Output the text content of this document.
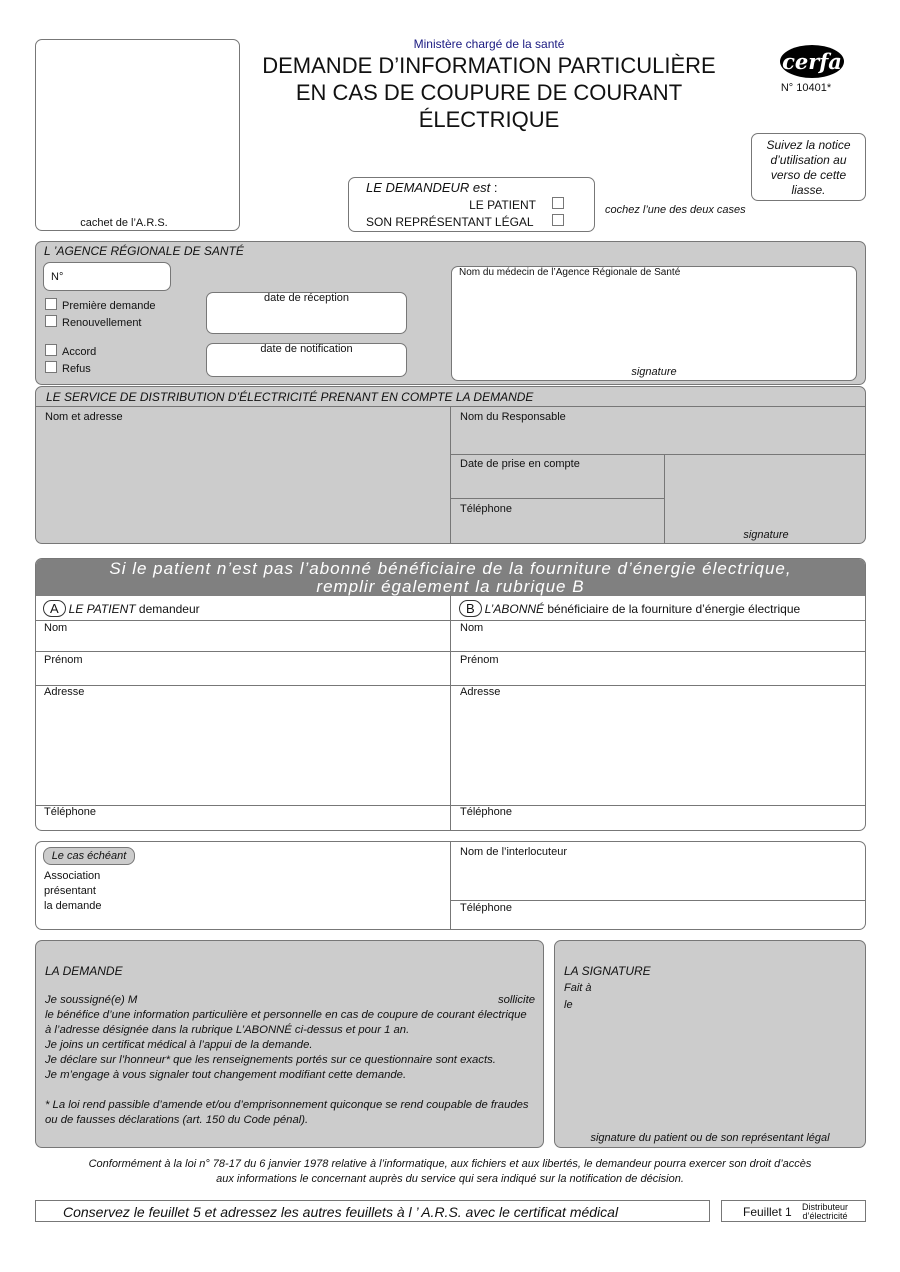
cachet de l’A.R.S.
Ministère chargé de la santé
DEMANDE D’INFORMATION PARTICULIÈRE
EN CAS DE COUPURE DE COURANT
ÉLECTRIQUE
cerfa
N° 10401*
Suivez la notice
d’utilisation au
verso de cette
liasse.
LE DEMANDEUR est :
LE PATIENT
SON REPRÉSENTANT LÉGAL
cochez l’une des deux cases
L ’AGENCE RÉGIONALE DE SANTÉ
N°
Première demande
Renouvellement
Accord
Refus
date de réception
date de notification
Nom du médecin de l’Agence Régionale de Santé
signature
LE SERVICE DE DISTRIBUTION D’ÉLECTRICITÉ PRENANT EN COMPTE LA DEMANDE
Nom et adresse	Nom du Responsable
Date de prise en compte
Téléphone
signature
Si le patient n’est pas l’abonné bénéficiaire de la fourniture d’énergie électrique,
remplir également la rubrique B
A LE PATIENT demandeur	B L’ABONNÉ bénéficiaire de la fourniture d’énergie électrique
Nom
Prénom
Adresse
Téléphone
Nom
Prénom
Adresse
Téléphone
Le cas échéant
Association
présentant
la demande
Nom de l’interlocuteur
Téléphone
LA DEMANDE
Je soussigné(e) M	sollicite
le bénéfice d’une information particulière et personnelle en cas de coupure de courant électrique
à l’adresse désignée dans la rubrique L’ABONNÉ ci-dessus et pour 1 an.
Je joins un certificat médical à l’appui de la demande.
Je déclare sur l’honneur* que les renseignements portés sur ce questionnaire sont exacts.
Je m’engage à vous signaler tout changement modifiant cette demande.
* La loi rend passible d’amende et/ou d’emprisonnement quiconque se rend coupable de fraudes
ou de fausses déclarations (art. 150 du Code pénal).
LA SIGNATURE
Fait à
le
signature du patient ou de son représentant légal
Conformément à la loi n° 78-17 du 6 janvier 1978 relative à l’informatique, aux fichiers et aux libertés, le demandeur pourra exercer son droit d’accès
aux informations le concernant auprès du service qui sera indiqué sur la notification de décision.
Conservez le feuillet 5 et adressez les autres feuillets à l ’ A.R.S. avec le certificat médical	Feuillet 1	Distributeur
d’électricité
